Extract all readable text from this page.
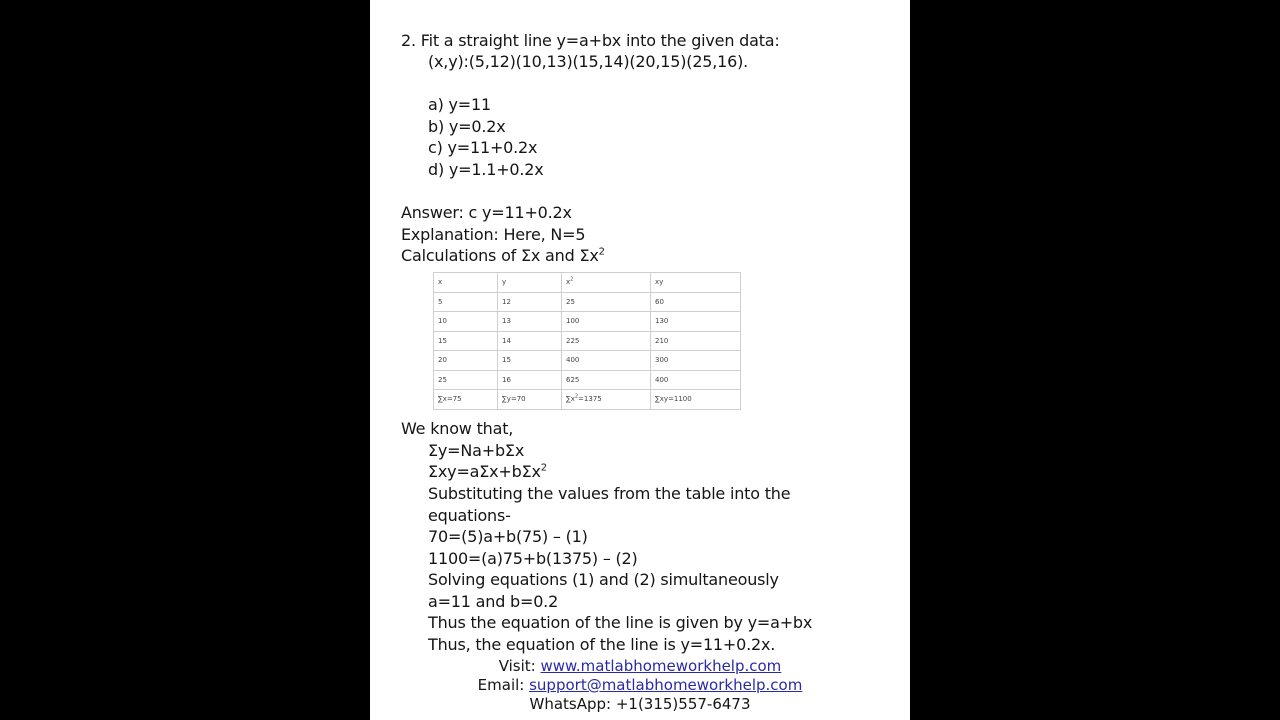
2. Fit a straight line y=a+bx into the given data:
(x,y):(5,12)(10,13)(15,14)(20,15)(25,16).
a) y=11
b) y=0.2x
c) y=11+0.2x
d) y=1.1+0.2x
Answer: c y=11+0.2x
Explanation: Here, N=5
Calculations of Σx and $\Sigma x^2$
x	y	$x^2$	xy
5	12	25	60
10	13	100	130
15	14	225	210
20	15	400	300
25	16	625	400
∑x=75	∑y=70	$\sum x^2=1375$	∑xy=1100
We know that,
Σy=Na+bΣx
Σxy=aΣx+bΣx$^2$
Substituting the values from the table into the
equations-
70=(5)a+b(75) – (1)
1100=(a)75+b(1375) – (2)
Solving equations (1) and (2) simultaneously
a=11 and b=0.2
Thus the equation of the line is given by y=a+bx
Thus, the equation of the line is y=11+0.2x.
Visit: www.matlabhomeworkhelp.com
Email: support@matlabhomeworkhelp.com
WhatsApp: +1(315)557-6473
